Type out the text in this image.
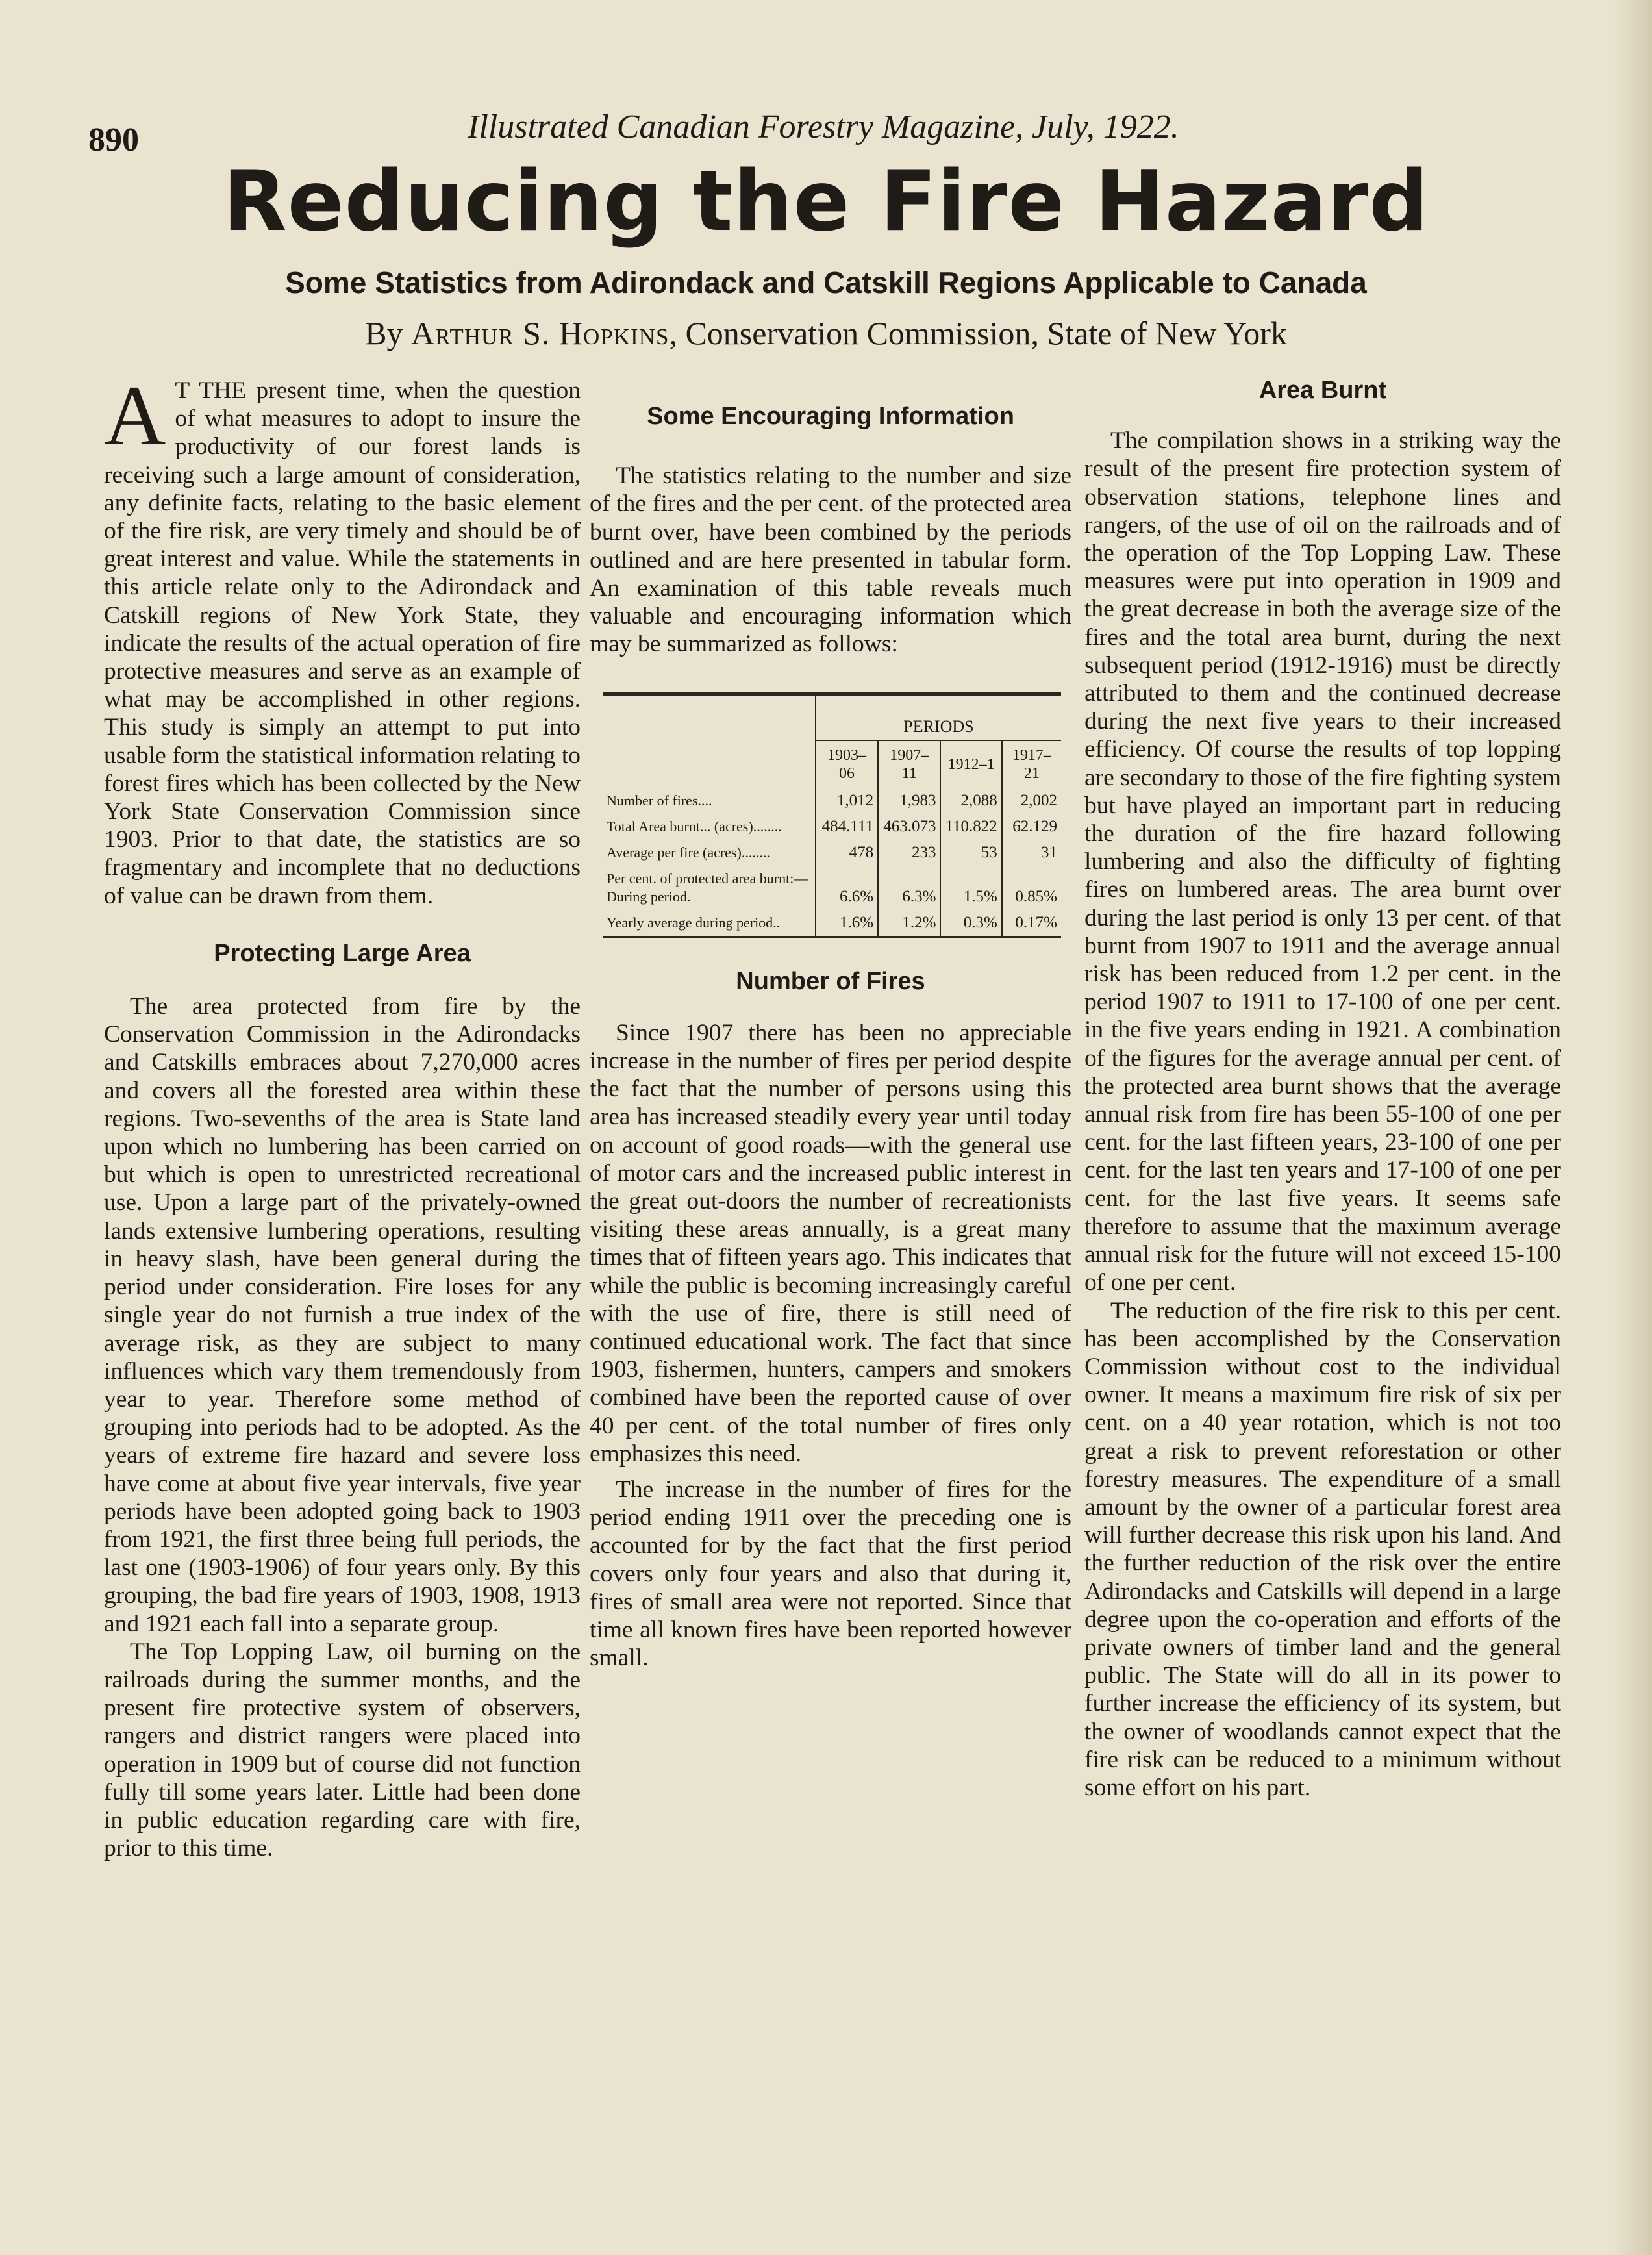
890	Illustrated Canadian Forestry Magazine, July, 1922.
Reducing the Fire Hazard
Some Statistics from Adirondack and Catskill Regions Applicable to Canada
By Arthur S. Hopkins, Conservation Commission, State of New York

A T THE present time, when the question of what measures to adopt to insure the productivity of our forest lands is receiving such a large amount of consideration, any definite facts, relating to the basic element of the fire risk, are very timely and should be of great interest and value. While the statements in this article relate only to the Adirondack and Catskill regions of New York State, they indicate the results of the actual operation of fire protective measures and serve as an example of what may be accomplished in other regions. This study is simply an attempt to put into usable form the statistical information relating to forest fires which has been collected by the New York State Conservation Commission since 1903. Prior to that date, the statistics are so fragmentary and incomplete that no deductions of value can be drawn from them.

Protecting Large Area

The area protected from fire by the Conservation Commission in the Adirondacks and Catskills embraces about 7,270,000 acres and covers all the forested area within these regions. Two-sevenths of the area is State land upon which no lumbering has been carried on but which is open to unrestricted recreational use. Upon a large part of the privately-owned lands extensive lumbering operations, resulting in heavy slash, have been general during the period under consideration. Fire loses for any single year do not furnish a true index of the average risk, as they are subject to many influences which vary them tremendously from year to year. Therefore some method of grouping into periods had to be adopted. As the years of extreme fire hazard and severe loss have come at about five year intervals, five year periods have been adopted going back to 1903 from 1921, the first three being full periods, the last one (1903-1906) of four years only. By this grouping, the bad fire years of 1903, 1908, 1913 and 1921 each fall into a separate group.

The Top Lopping Law, oil burning on the railroads during the summer months, and the present fire protective system of observers, rangers and district rangers were placed into operation in 1909 but of course did not function fully till some years later. Little had been done in public education regarding care with fire, prior to this time.

Some Encouraging Information

The statistics relating to the number and size of the fires and the per cent. of the protected area burnt over, have been combined by the periods outlined and are here presented in tabular form. An examination of this table reveals much valuable and encouraging information which may be summarized as follows:

	PERIODS			
	1903–06	1907–11	1912–1	1917–21
Number of fires....	1,012	1,983	2,088	2,002
Total Area burnt... (acres)........	484.111	463.073	110.822	62.129
Average per fire (acres)........	478	233	53	31
Per cent. of protected area burnt:— During period.	6.6%	6.3%	1.5%	0.85%
Yearly average during period..	1.6%	1.2%	0.3%	0.17%
Number of Fires

Since 1907 there has been no appreciable increase in the number of fires per period despite the fact that the number of persons using this area has increased steadily every year until today on account of good roads—with the general use of motor cars and the increased public interest in the great out-doors the number of recreationists visiting these areas annually, is a great many times that of fifteen years ago. This indicates that while the public is becoming increasingly careful with the use of fire, there is still need of continued educational work. The fact that since 1903, fishermen, hunters, campers and smokers combined have been the reported cause of over 40 per cent. of the total number of fires only emphasizes this need.

The increase in the number of fires for the period ending 1911 over the preceding one is accounted for by the fact that the first period covers only four years and also that during it, fires of small area were not reported. Since that time all known fires have been reported however small.

Area Burnt

The compilation shows in a striking way the result of the present fire protection system of observation stations, telephone lines and rangers, of the use of oil on the railroads and of the operation of the Top Lopping Law. These measures were put into operation in 1909 and the great decrease in both the average size of the fires and the total area burnt, during the next subsequent period (1912-1916) must be directly attributed to them and the continued decrease during the next five years to their increased efficiency. Of course the results of top lopping are secondary to those of the fire fighting system but have played an important part in reducing the duration of the fire hazard following lumbering and also the difficulty of fighting fires on lumbered areas. The area burnt over during the last period is only 13 per cent. of that burnt from 1907 to 1911 and the average annual risk has been reduced from 1.2 per cent. in the period 1907 to 1911 to 17-100 of one per cent. in the five years ending in 1921. A combination of the figures for the average annual per cent. of the protected area burnt shows that the average annual risk from fire has been 55-100 of one per cent. for the last fifteen years, 23-100 of one per cent. for the last ten years and 17-100 of one per cent. for the last five years. It seems safe therefore to assume that the maximum average annual risk for the future will not exceed 15-100 of one per cent.

The reduction of the fire risk to this per cent. has been accomplished by the Conservation Commission without cost to the individual owner. It means a maximum fire risk of six per cent. on a 40 year rotation, which is not too great a risk to prevent reforestation or other forestry measures. The expenditure of a small amount by the owner of a particular forest area will further decrease this risk upon his land. And the further reduction of the risk over the entire Adirondacks and Catskills will depend in a large degree upon the co-operation and efforts of the private owners of timber land and the general public. The State will do all in its power to further increase the efficiency of its system, but the owner of woodlands cannot expect that the fire risk can be reduced to a minimum without some effort on his part.
